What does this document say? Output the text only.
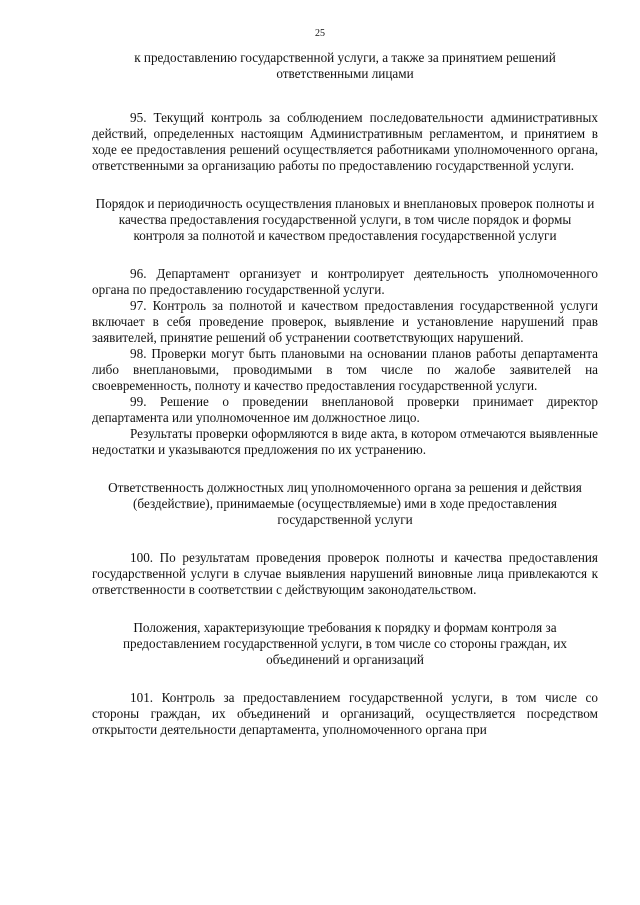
25

к предоставлению государственной услуги, а также за принятием решений ответственными лицами

95. Текущий контроль за соблюдением последовательности административных действий, определенных настоящим Административным регламентом, и принятием в ходе ее предоставления решений осуществляется работниками уполномоченного органа, ответственными за организацию работы по предоставлению государственной услуги.

Порядок и периодичность осуществления плановых и внеплановых проверок полноты и качества предоставления государственной услуги, в том числе порядок и формы контроля за полнотой и качеством предоставления государственной услуги

96. Департамент организует и контролирует деятельность уполномоченного органа по предоставлению государственной услуги.

97. Контроль за полнотой и качеством предоставления государственной услуги включает в себя проведение проверок, выявление и установление нарушений прав заявителей, принятие решений об устранении соответствующих нарушений.

98. Проверки могут быть плановыми на основании планов работы департамента либо внеплановыми, проводимыми в том числе по жалобе заявителей на своевременность, полноту и качество предоставления государственной услуги.

99. Решение о проведении внеплановой проверки принимает директор департамента или уполномоченное им должностное лицо.

Результаты проверки оформляются в виде акта, в котором отмечаются выявленные недостатки и указываются предложения по их устранению.

Ответственность должностных лиц уполномоченного органа за решения и действия (бездействие), принимаемые (осуществляемые) ими в ходе предоставления государственной услуги

100. По результатам проведения проверок полноты и качества предоставления государственной услуги в случае выявления нарушений виновные лица привлекаются к ответственности в соответствии с действующим законодательством.

Положения, характеризующие требования к порядку и формам контроля за предоставлением государственной услуги, в том числе со стороны граждан, их объединений и организаций

101. Контроль за предоставлением государственной услуги, в том числе со стороны граждан, их объединений и организаций, осуществляется посредством открытости деятельности департамента, уполномоченного органа при
